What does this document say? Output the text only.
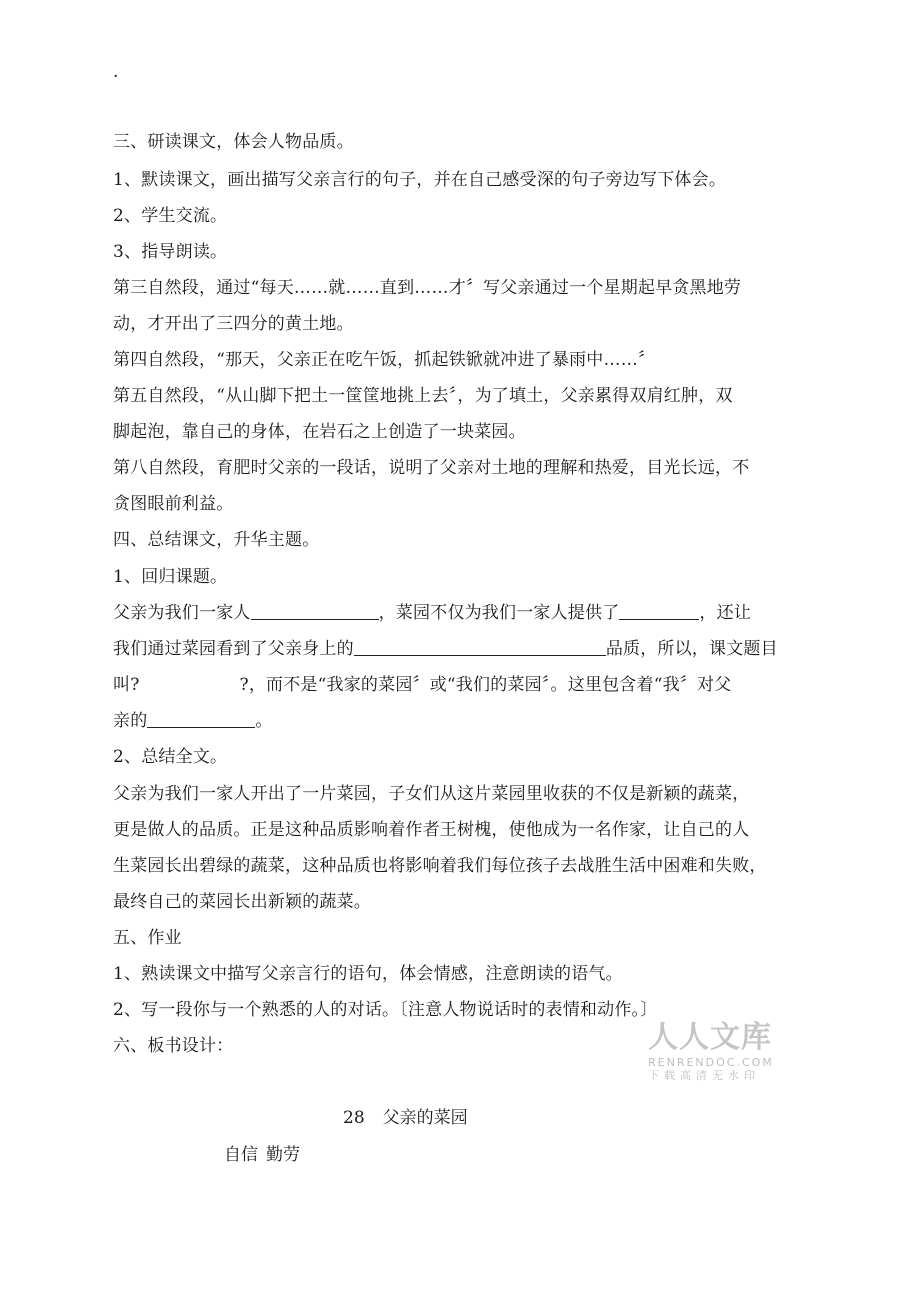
.
三、研读课文，体会人物品质。
1、默读课文，画出描写父亲言行的句子，并在自己感受深的句子旁边写下体会。
2、学生交流。
3、指导朗读。
第三自然段，通过“每天……就……直到……才〞写父亲通过一个星期起早贪黑地劳
动，才开出了三四分的黄土地。
第四自然段，“那天，父亲正在吃午饭，抓起铁锨就冲进了暴雨中……〞
第五自然段，“从山脚下把土一筐筐地挑上去〞，为了填土，父亲累得双肩红肿，双
脚起泡，靠自己的身体，在岩石之上创造了一块菜园。
第八自然段，育肥时父亲的一段话，说明了父亲对土地的理解和热爱，目光长远，不
贪图眼前利益。
四、总结课文，升华主题。
1、回归课题。
父亲为我们一家人	，菜园不仅为我们一家人提供了	，还让
我们通过菜园看到了父亲身上的	品质，所以，课文题目
叫?	?，而不是“我家的菜园〞或“我们的菜园〞。这里包含着“我〞对父
亲的	。
2、总结全文。
父亲为我们一家人开出了一片菜园，子女们从这片菜园里收获的不仅是新颖的蔬菜，
更是做人的品质。正是这种品质影响着作者王树槐，使他成为一名作家，让自己的人
生菜园长出碧绿的蔬菜，这种品质也将影响着我们每位孩子去战胜生活中困难和失败，
最终自己的菜园长出新颖的蔬菜。
五、作业
1、熟读课文中描写父亲言行的语句，体会情感，注意朗读的语气。
2、写一段你与一个熟悉的人的对话。〔注意人物说话时的表情和动作。〕
六、板书设计：
28 父亲的菜园
自信 勤劳
人人文库
RENRENDOC.COM
下载高清无水印
